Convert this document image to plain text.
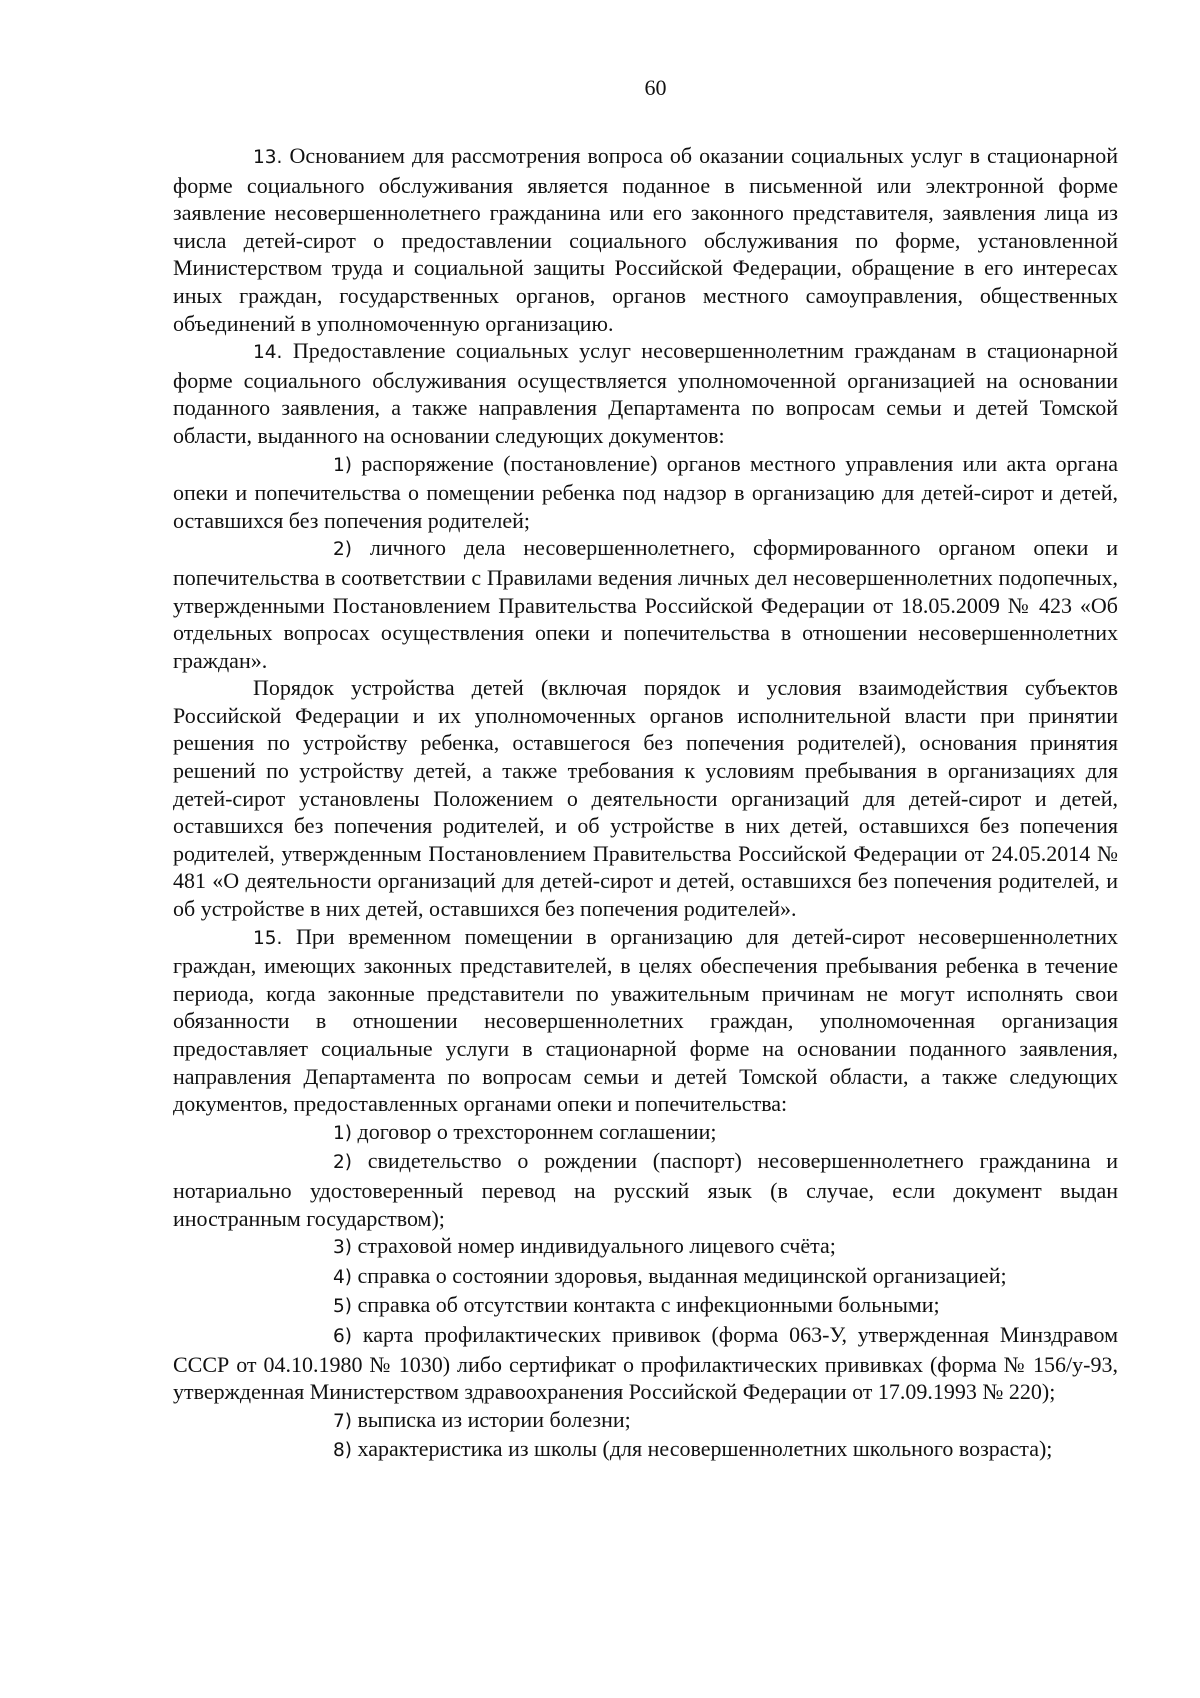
60

13. Основанием для рассмотрения вопроса об оказании социальных услуг в стационарной форме социального обслуживания является поданное в письменной или электронной форме заявление несовершеннолетнего гражданина или его законного представителя, заявления лица из числа детей-сирот о предоставлении социального обслуживания по форме, установленной Министерством труда и социальной защиты Российской Федерации, обращение в его интересах иных граждан, государственных органов, органов местного самоуправления, общественных объединений в уполномоченную организацию.

14. Предоставление социальных услуг несовершеннолетним гражданам в стационарной форме социального обслуживания осуществляется уполномоченной организацией на основании поданного заявления, а также направления Департамента по вопросам семьи и детей Томской области, выданного на основании следующих документов:

1) распоряжение (постановление) органов местного управления или акта органа опеки и попечительства о помещении ребенка под надзор в организацию для детей-сирот и детей, оставшихся без попечения родителей;

2) личного дела несовершеннолетнего, сформированного органом опеки и попечительства в соответствии с Правилами ведения личных дел несовершеннолетних подопечных, утвержденными Постановлением Правительства Российской Федерации от 18.05.2009 № 423 «Об отдельных вопросах осуществления опеки и попечительства в отношении несовершеннолетних граждан».

Порядок устройства детей (включая порядок и условия взаимодействия субъектов Российской Федерации и их уполномоченных органов исполнительной власти при принятии решения по устройству ребенка, оставшегося без попечения родителей), основания принятия решений по устройству детей, а также требования к условиям пребывания в организациях для детей-сирот установлены Положением о деятельности организаций для детей-сирот и детей, оставшихся без попечения родителей, и об устройстве в них детей, оставшихся без попечения родителей, утвержденным Постановлением Правительства Российской Федерации от 24.05.2014 № 481 «О деятельности организаций для детей-сирот и детей, оставшихся без попечения родителей, и об устройстве в них детей, оставшихся без попечения родителей».

15. При временном помещении в организацию для детей-сирот несовершеннолетних граждан, имеющих законных представителей, в целях обеспечения пребывания ребенка в течение периода, когда законные представители по уважительным причинам не могут исполнять свои обязанности в отношении несовершеннолетних граждан, уполномоченная организация предоставляет социальные услуги в стационарной форме на основании поданного заявления, направления Департамента по вопросам семьи и детей Томской области, а также следующих документов, предоставленных органами опеки и попечительства:

1) договор о трехстороннем соглашении;

2) свидетельство о рождении (паспорт) несовершеннолетнего гражданина и нотариально удостоверенный перевод на русский язык (в случае, если документ выдан иностранным государством);

3) страховой номер индивидуального лицевого счёта;

4) справка о состоянии здоровья, выданная медицинской организацией;

5) справка об отсутствии контакта с инфекционными больными;

6) карта профилактических прививок (форма 063-У, утвержденная Минздравом СССР от 04.10.1980 № 1030) либо сертификат о профилактических прививках (форма № 156/у-93, утвержденная Министерством здравоохранения Российской Федерации от 17.09.1993 № 220);

7) выписка из истории болезни;

8) характеристика из школы (для несовершеннолетних школьного возраста);
